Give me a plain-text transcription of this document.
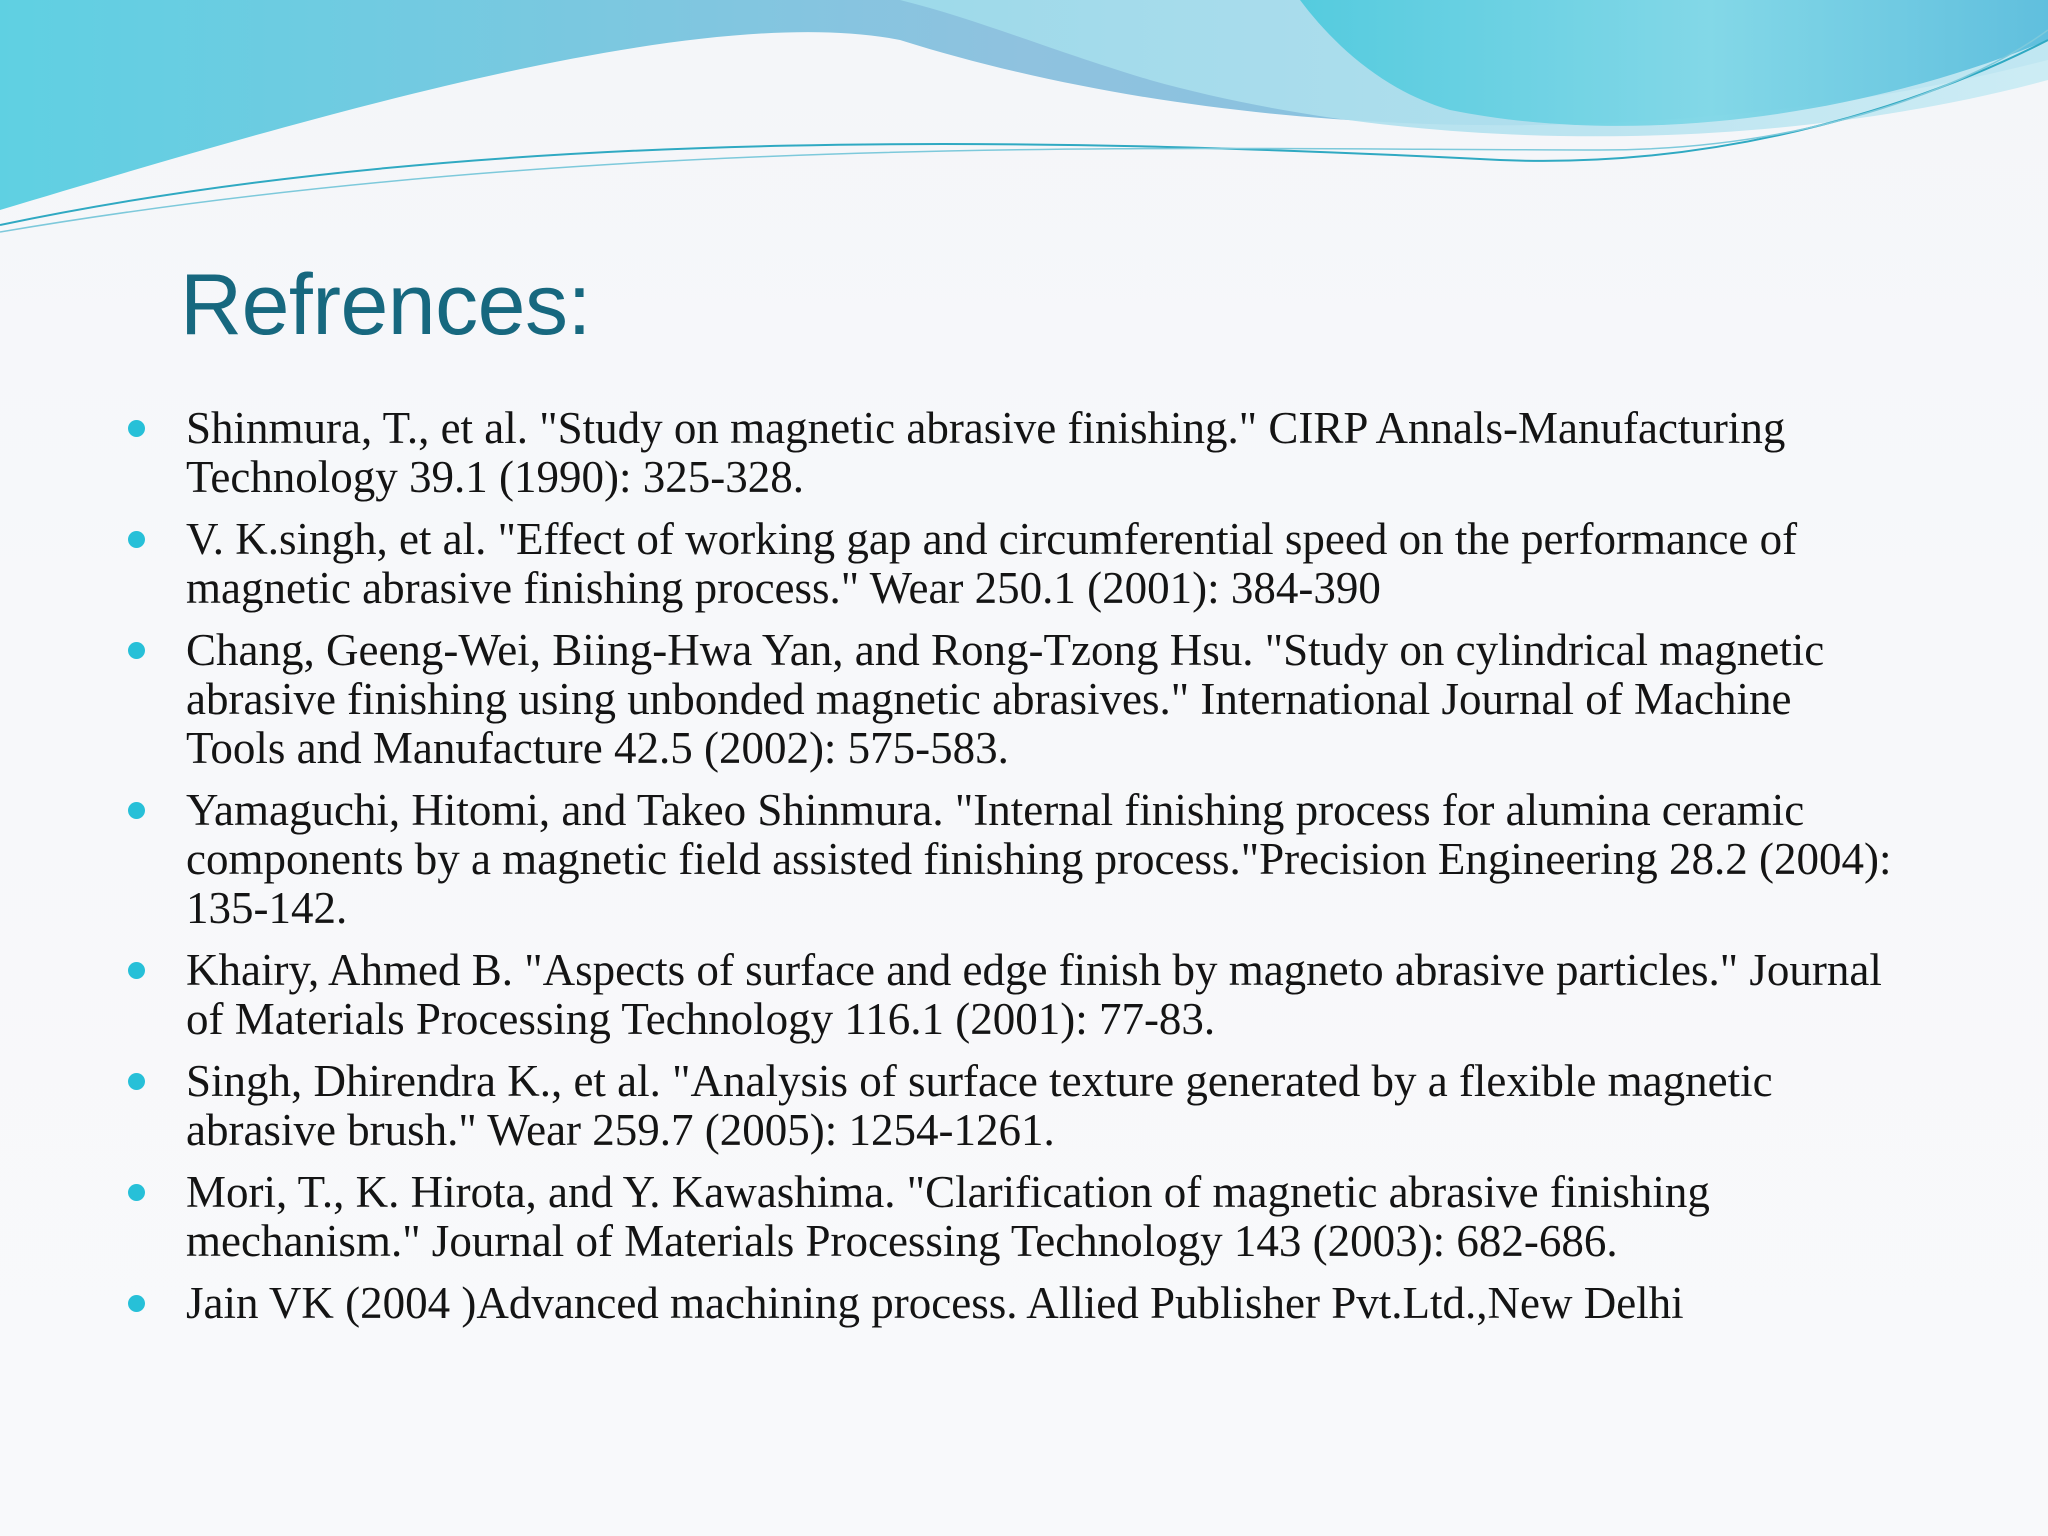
Refrences:
Shinmura, T., et al. "Study on magnetic abrasive finishing." CIRP Annals-Manufacturing Technology 39.1 (1990): 325-328.
V. K.singh, et al. "Effect of working gap and circumferential speed on the performance of magnetic abrasive finishing process." Wear 250.1 (2001): 384-390
Chang, Geeng-Wei, Biing-Hwa Yan, and Rong-Tzong Hsu. "Study on cylindrical magnetic abrasive finishing using unbonded magnetic abrasives." International Journal of Machine Tools and Manufacture 42.5 (2002): 575-583.
Yamaguchi, Hitomi, and Takeo Shinmura. "Internal finishing process for alumina ceramic components by a magnetic field assisted finishing process."Precision Engineering 28.2 (2004): 135-142.
Khairy, Ahmed B. "Aspects of surface and edge finish by magneto abrasive particles." Journal of Materials Processing Technology 116.1 (2001): 77-83.
Singh, Dhirendra K., et al. "Analysis of surface texture generated by a flexible magnetic abrasive brush." Wear 259.7 (2005): 1254-1261.
Mori, T., K. Hirota, and Y. Kawashima. "Clarification of magnetic abrasive finishing mechanism." Journal of Materials Processing Technology 143 (2003): 682-686.
Jain VK (2004 )Advanced machining process. Allied Publisher Pvt.Ltd.,New Delhi
